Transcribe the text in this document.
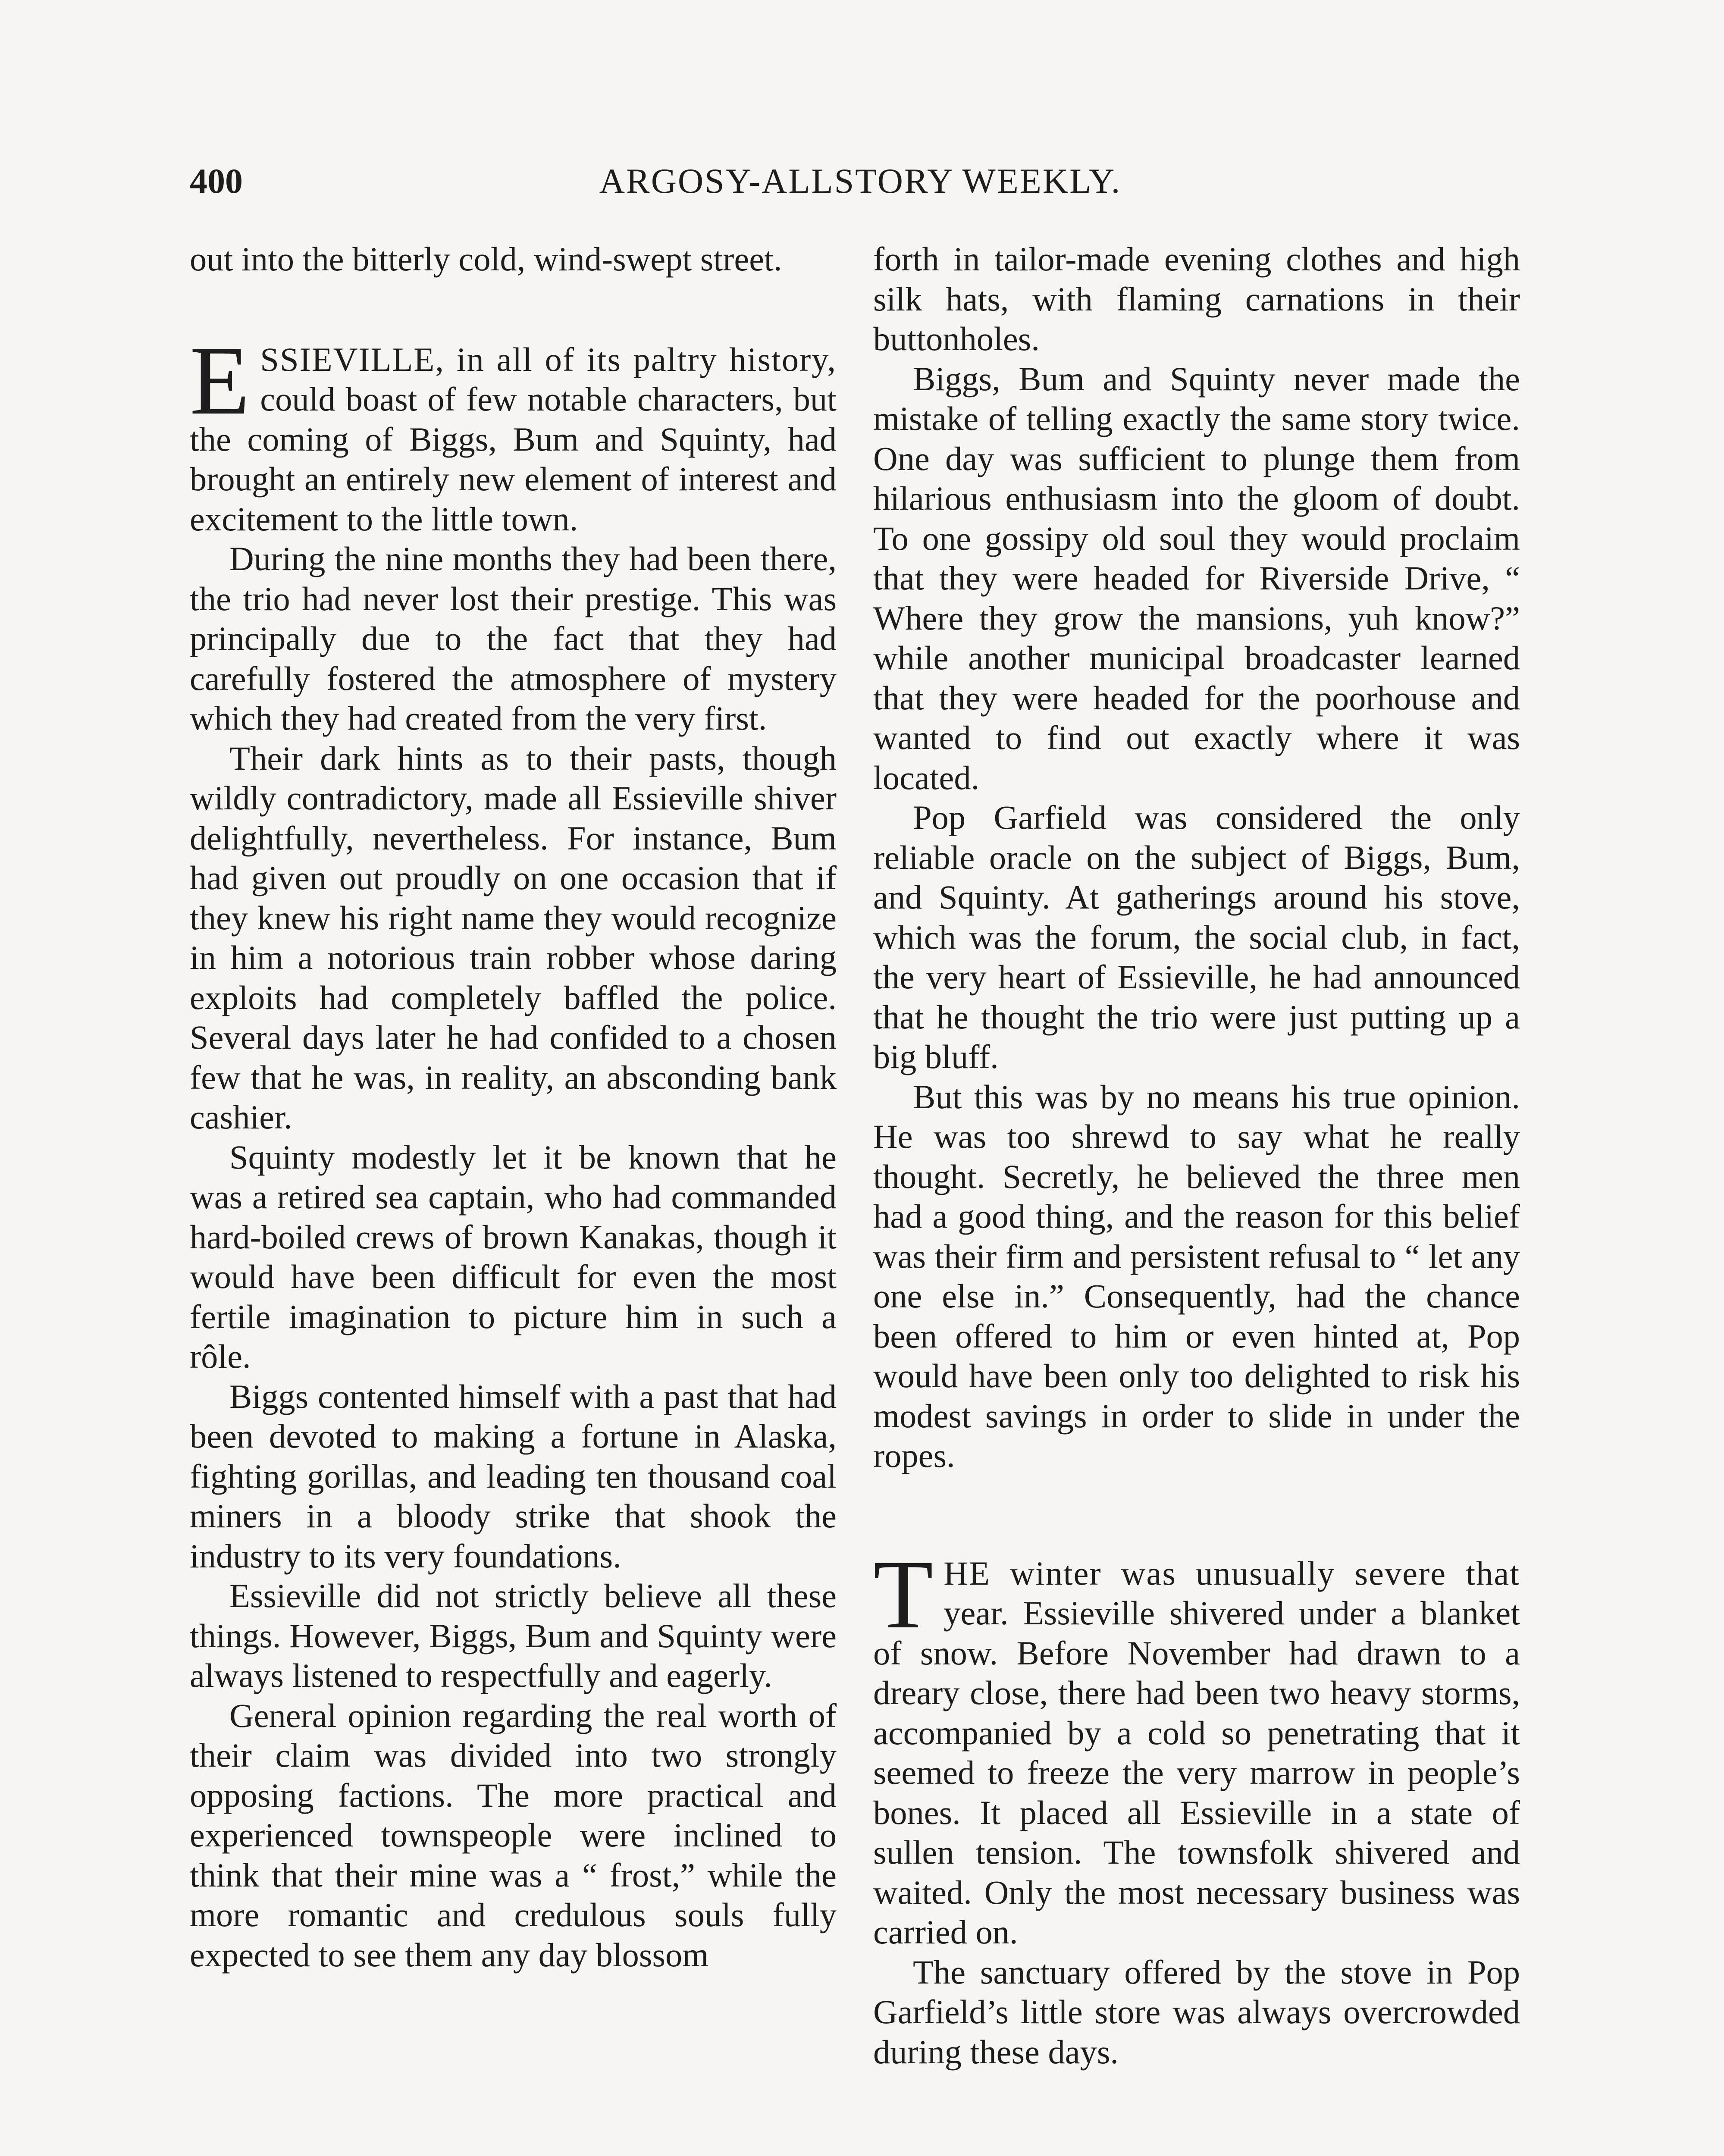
400	ARGOSY-ALLSTORY WEEKLY.

out into the bitterly cold, wind-swept street.

ESSIEVILLE, in all of its paltry history, could boast of few notable characters, but the coming of Biggs, Bum and Squinty, had brought an entirely new element of interest and excitement to the little town.

During the nine months they had been there, the trio had never lost their prestige. This was principally due to the fact that they had carefully fostered the atmosphere of mystery which they had created from the very first.

Their dark hints as to their pasts, though wildly contradictory, made all Essieville shiver delightfully, nevertheless. For instance, Bum had given out proudly on one occasion that if they knew his right name they would recognize in him a notorious train robber whose daring exploits had completely baffled the police. Several days later he had confided to a chosen few that he was, in reality, an absconding bank cashier.

Squinty modestly let it be known that he was a retired sea captain, who had commanded hard-boiled crews of brown Kanakas, though it would have been difficult for even the most fertile imagination to picture him in such a rôle.

Biggs contented himself with a past that had been devoted to making a fortune in Alaska, fighting gorillas, and leading ten thousand coal miners in a bloody strike that shook the industry to its very foundations.

Essieville did not strictly believe all these things. However, Biggs, Bum and Squinty were always listened to respectfully and eagerly.

General opinion regarding the real worth of their claim was divided into two strongly opposing factions. The more practical and experienced townspeople were inclined to think that their mine was a “ frost,” while the more romantic and credulous souls fully expected to see them any day blossom

forth in tailor-made evening clothes and high silk hats, with flaming carnations in their buttonholes.

Biggs, Bum and Squinty never made the mistake of telling exactly the same story twice. One day was sufficient to plunge them from hilarious enthusiasm into the gloom of doubt. To one gossipy old soul they would proclaim that they were headed for Riverside Drive, “ Where they grow the mansions, yuh know?” while another municipal broadcaster learned that they were headed for the poorhouse and wanted to find out exactly where it was located.

Pop Garfield was considered the only reliable oracle on the subject of Biggs, Bum, and Squinty. At gatherings around his stove, which was the forum, the social club, in fact, the very heart of Essieville, he had announced that he thought the trio were just putting up a big bluff.

But this was by no means his true opinion. He was too shrewd to say what he really thought. Secretly, he believed the three men had a good thing, and the reason for this belief was their firm and persistent refusal to “ let any one else in.” Consequently, had the chance been offered to him or even hinted at, Pop would have been only too delighted to risk his modest savings in order to slide in under the ropes.

THE winter was unusually severe that year. Essieville shivered under a blanket of snow. Before November had drawn to a dreary close, there had been two heavy storms, accompanied by a cold so penetrating that it seemed to freeze the very marrow in people’s bones. It placed all Essieville in a state of sullen tension. The townsfolk shivered and waited. Only the most necessary business was carried on.

The sanctuary offered by the stove in Pop Garfield’s little store was always overcrowded during these days.
